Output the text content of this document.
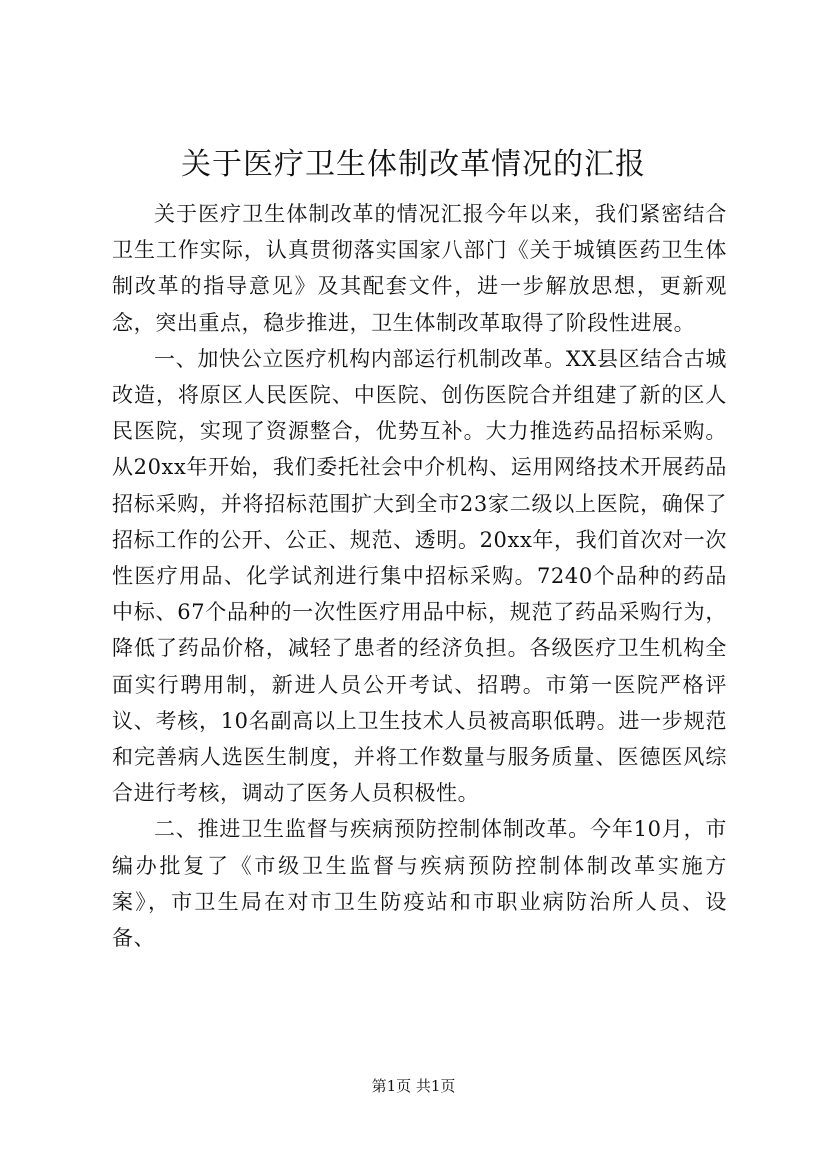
关于医疗卫生体制改革情况的汇报

关于医疗卫生体制改革的情况汇报今年以来，我们紧密结合卫生工作实际，认真贯彻落实国家八部门《关于城镇医药卫生体制改革的指导意见》及其配套文件，进一步解放思想，更新观念，突出重点，稳步推进，卫生体制改革取得了阶段性进展。

一、加快公立医疗机构内部运行机制改革。XX县区结合古城改造，将原区人民医院、中医院、创伤医院合并组建了新的区人民医院，实现了资源整合，优势互补。大力推选药品招标采购。从20xx年开始，我们委托社会中介机构、运用网络技术开展药品招标采购，并将招标范围扩大到全市23家二级以上医院，确保了招标工作的公开、公正、规范、透明。20xx年，我们首次对一次性医疗用品、化学试剂进行集中招标采购。7240个品种的药品中标、67个品种的一次性医疗用品中标，规范了药品采购行为，降低了药品价格，减轻了患者的经济负担。各级医疗卫生机构全面实行聘用制，新进人员公开考试、招聘。市第一医院严格评议、考核，10名副高以上卫生技术人员被高职低聘。进一步规范和完善病人选医生制度，并将工作数量与服务质量、医德医风综合进行考核，调动了医务人员积极性。

二、推进卫生监督与疾病预防控制体制改革。今年10月，市编办批复了《市级卫生监督与疾病预防控制体制改革实施方案》，市卫生局在对市卫生防疫站和市职业病防治所人员、设备、

第1页 共1页
